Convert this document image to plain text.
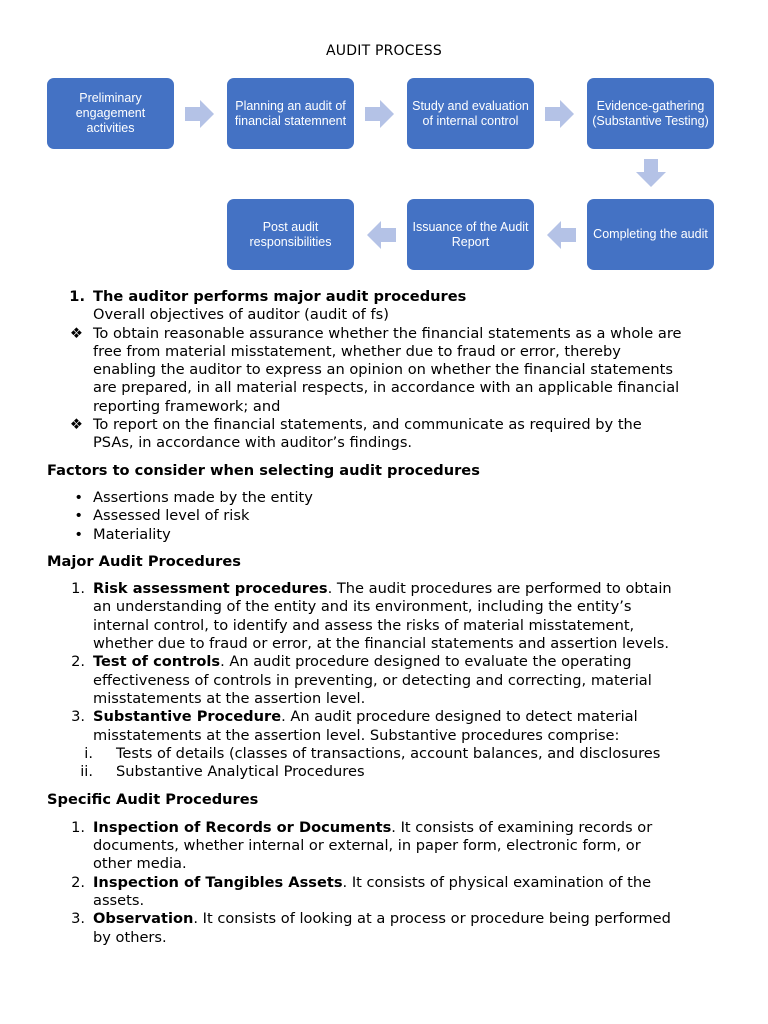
AUDIT PROCESS
Preliminary engagement activities
Planning an audit of financial statemnent
Study and evaluation of internal control
Evidence-gathering (Substantive Testing)
Completing the audit
Issuance of the Audit Report
Post audit responsibilities
1. The auditor performs major audit procedures
Overall objectives of auditor (audit of fs)
❖ To obtain reasonable assurance whether the financial statements as a whole are
free from material misstatement, whether due to fraud or error, thereby
enabling the auditor to express an opinion on whether the financial statements
are prepared, in all material respects, in accordance with an applicable financial
reporting framework; and
❖ To report on the financial statements, and communicate as required by the
PSAs, in accordance with auditor’s findings.
Factors to consider when selecting audit procedures
• Assertions made by the entity
• Assessed level of risk
• Materiality
Major Audit Procedures
1. Risk assessment procedures. The audit procedures are performed to obtain
an understanding of the entity and its environment, including the entity’s
internal control, to identify and assess the risks of material misstatement,
whether due to fraud or error, at the financial statements and assertion levels.
2. Test of controls. An audit procedure designed to evaluate the operating
effectiveness of controls in preventing, or detecting and correcting, material
misstatements at the assertion level.
3. Substantive Procedure. An audit procedure designed to detect material
misstatements at the assertion level. Substantive procedures comprise:
i. Tests of details (classes of transactions, account balances, and disclosures
ii. Substantive Analytical Procedures
Specific Audit Procedures
1. Inspection of Records or Documents. It consists of examining records or
documents, whether internal or external, in paper form, electronic form, or
other media.
2. Inspection of Tangibles Assets. It consists of physical examination of the
assets.
3. Observation. It consists of looking at a process or procedure being performed
by others.
